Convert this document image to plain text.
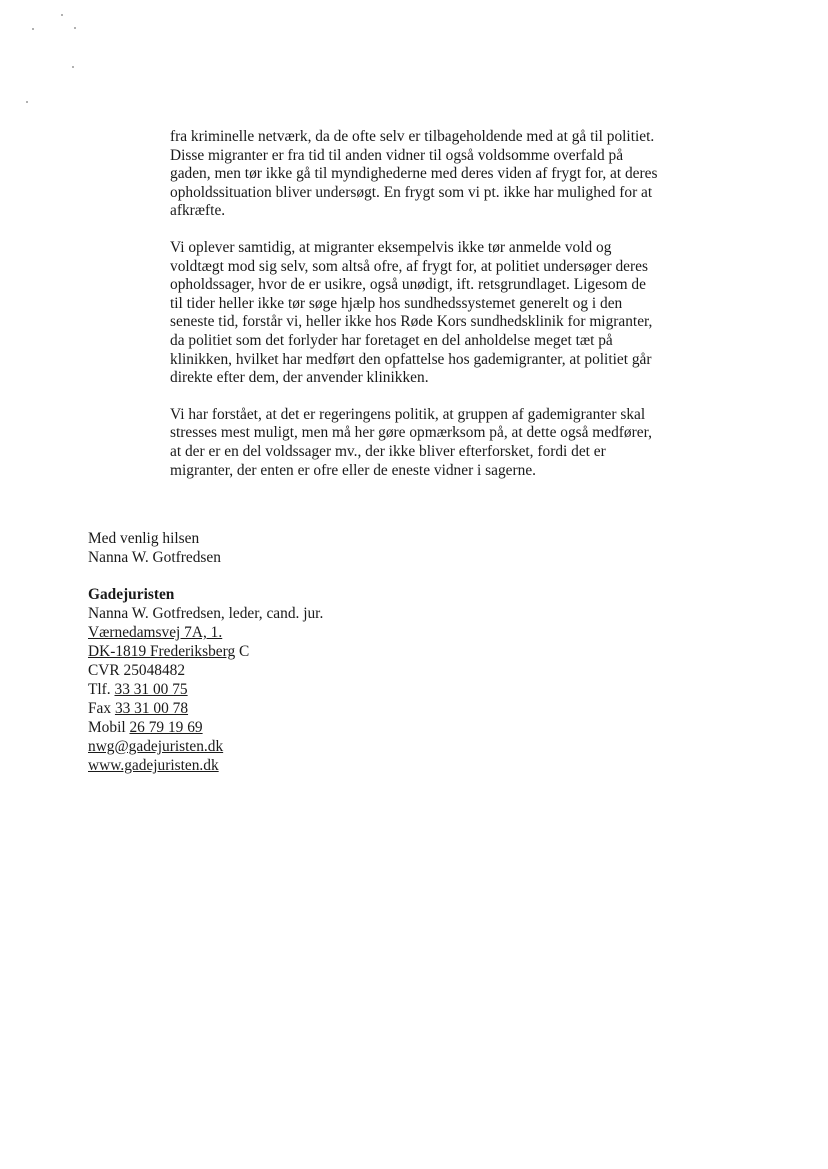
fra kriminelle netværk, da de ofte selv er tilbageholdende med at gå til politiet. Disse migranter er fra tid til anden vidner til også voldsomme overfald på gaden, men tør ikke gå til myndighederne med deres viden af frygt for, at deres opholdssituation bliver undersøgt. En frygt som vi pt. ikke har mulighed for at afkræfte.

Vi oplever samtidig, at migranter eksempelvis ikke tør anmelde vold og voldtægt mod sig selv, som altså ofre, af frygt for, at politiet undersøger deres opholdssager, hvor de er usikre, også unødigt, ift. retsgrundlaget. Ligesom de til tider heller ikke tør søge hjælp hos sundhedssystemet generelt og i den seneste tid, forstår vi, heller ikke hos Røde Kors sundhedsklinik for migranter, da politiet som det forlyder har foretaget en del anholdelse meget tæt på klinikken, hvilket har medført den opfattelse hos gademigranter, at politiet går direkte efter dem, der anvender klinikken.

Vi har forstået, at det er regeringens politik, at gruppen af gademigranter skal stresses mest muligt, men må her gøre opmærksom på, at dette også medfører, at der er en del voldssager mv., der ikke bliver efterforsket, fordi det er migranter, der enten er ofre eller de eneste vidner i sagerne.

Med venlig hilsen
Nanna W. Gotfredsen
Gadejuristen
Nanna W. Gotfredsen, leder, cand. jur.
Værnedamsvej 7A, 1.
DK-1819 Frederiksberg C
CVR 25048482
Tlf. 33 31 00 75
Fax 33 31 00 78
Mobil 26 79 19 69
nwg@gadejuristen.dk
www.gadejuristen.dk
